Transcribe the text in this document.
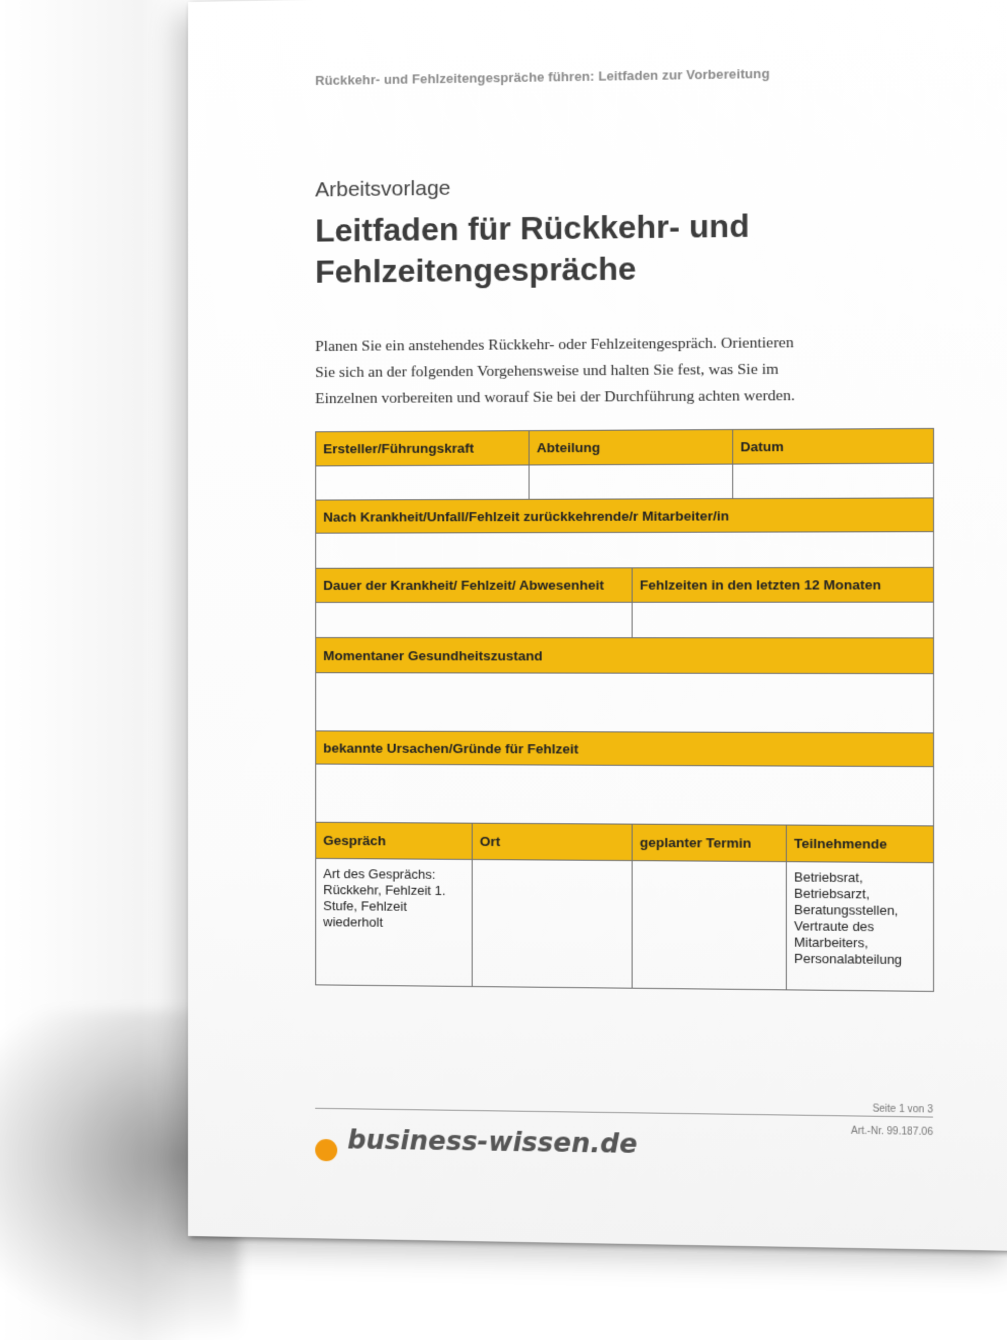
Rückkehr- und Fehlzeitengespräche führen: Leitfaden zur Vorbereitung
Arbeitsvorlage
Leitfaden für Rückkehr- und Fehlzeitengespräche

Planen Sie ein anstehendes Rückkehr- oder Fehlzeitengespräch. Orientieren Sie sich an der folgenden Vorgehensweise und halten Sie fest, was Sie im Einzelnen vorbereiten und worauf Sie bei der Durchführung achten werden.

Ersteller/Führungskraft		Abteilung		Datum	

Nach Krankheit/Unfall/Fehlzeit zurückkehrende/r Mitarbeiter/in					

Dauer der Krankheit/ Fehlzeit/ Abwesenheit			Fehlzeiten in den letzten 12 Monaten		

Momentaner Gesundheitszustand					

bekannte Ursachen/Gründe für Fehlzeit					

Gespräch	Ort		geplanter Termin		Teilnehmende
Art des Gesprächs: Rückkehr, Fehlzeit 1. Stufe, Fehlzeit wiederholt					Betriebsrat, Betriebsarzt, Beratungsstellen, Vertraute des Mitarbeiters, Personalabteilung
Seite 1 von 3
Art.-Nr. 99.187.06
business-wissen.de
